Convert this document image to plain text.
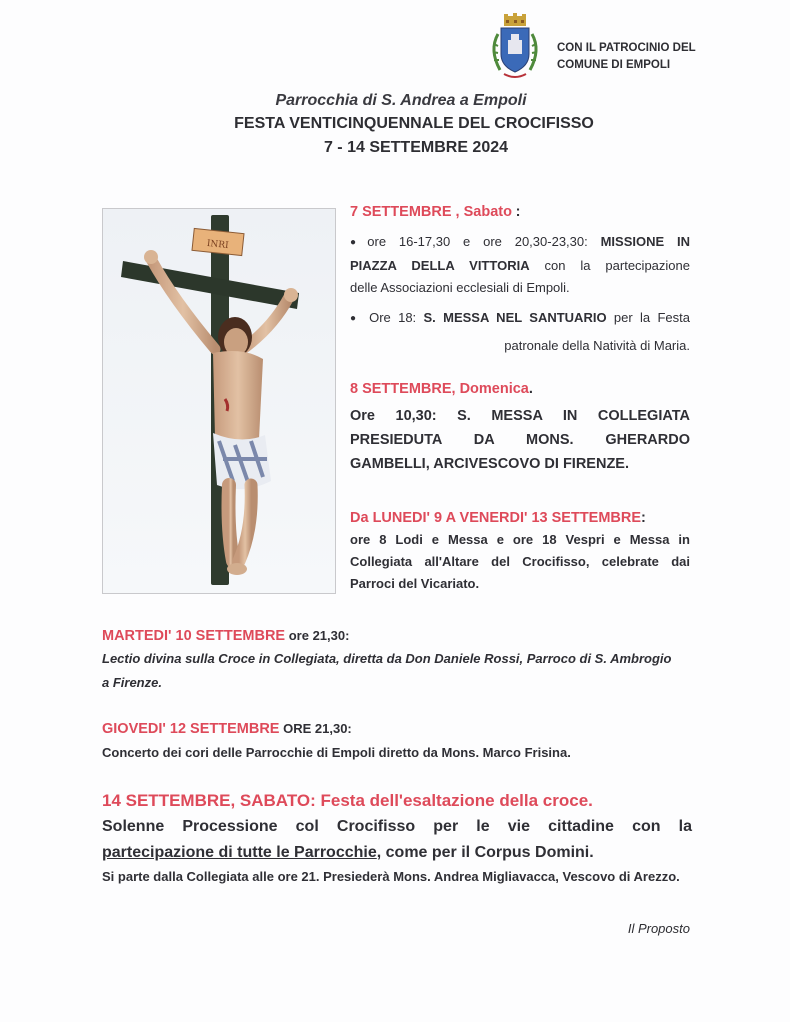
CON IL PATROCINIO DEL
COMUNE DI EMPOLI
Parrocchia di S. Andrea a Empoli
FESTA VENTICINQUENNALE DEL CROCIFISSO
7 - 14 SETTEMBRE 2024
INRI
7 SETTEMBRE , Sabato :
● ore 16-17,30 e ore 20,30-23,30: MISSIONE IN
PIAZZA DELLA VITTORIA con la partecipazione
delle Associazioni ecclesiali di Empoli.
● Ore 18: S. MESSA NEL SANTUARIO per la Festa
patronale della Natività di Maria.
8 SETTEMBRE, Domenica.
Ore 10,30: S. MESSA IN COLLEGIATA
PRESIEDUTA DA MONS. GHERARDO
GAMBELLI, ARCIVESCOVO DI FIRENZE.
Da LUNEDI' 9 A VENERDI' 13 SETTEMBRE:
ore 8 Lodi e Messa e ore 18 Vespri e Messa in
Collegiata all'Altare del Crocifisso, celebrate dai
Parroci del Vicariato.
MARTEDI' 10 SETTEMBRE ore 21,30:
Lectio divina sulla Croce in Collegiata, diretta da Don Daniele Rossi, Parroco di S. Ambrogio a Firenze.
GIOVEDI' 12 SETTEMBRE ORE 21,30:
Concerto dei cori delle Parrocchie di Empoli diretto da Mons. Marco Frisina.
14 SETTEMBRE, SABATO: Festa dell'esaltazione della croce.
Solenne Processione col Crocifisso per le vie cittadine con la
partecipazione di tutte le Parrocchie, come per il Corpus Domini.
Si parte dalla Collegiata alle ore 21. Presiederà Mons. Andrea Migliavacca, Vescovo di Arezzo.
Il Proposto
